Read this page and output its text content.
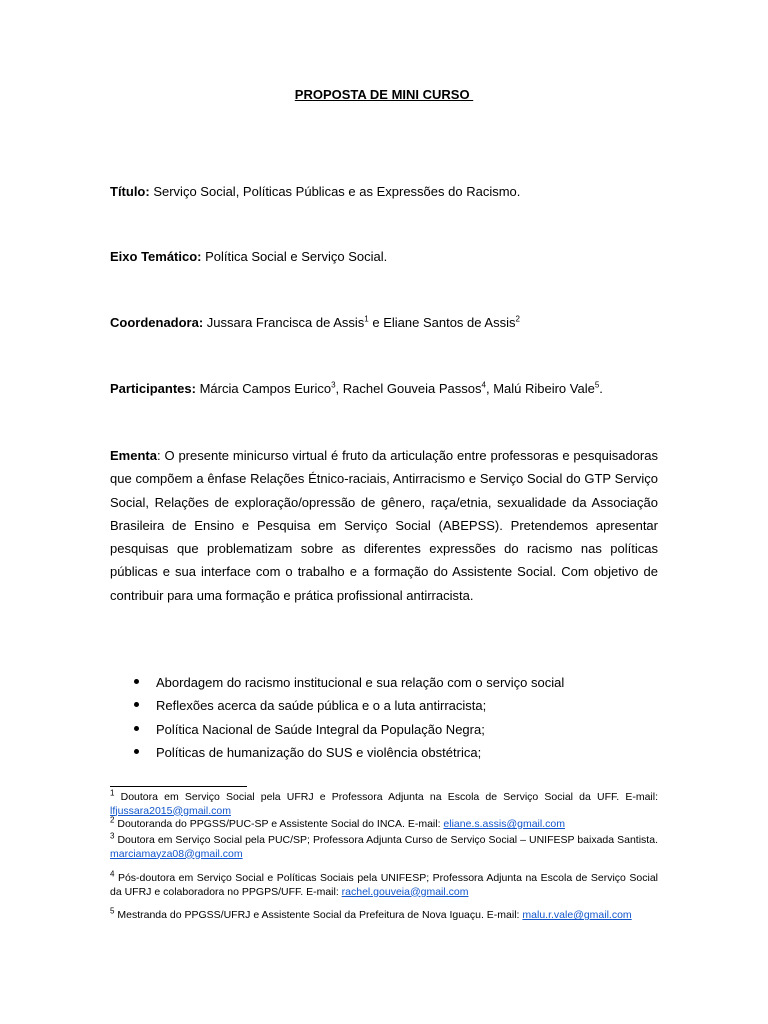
PROPOSTA DE MINI CURSO
Título: Serviço Social, Políticas Públicas e as Expressões do Racismo.
Eixo Temático: Política Social e Serviço Social.
Coordenadora: Jussara Francisca de Assis$^1$ e Eliane Santos de Assis$^2$
Participantes: Márcia Campos Eurico$^3$, Rachel Gouveia Passos$^4$, Malú Ribeiro Vale$^5$.
Ementa: O presente minicurso virtual é fruto da articulação entre professoras e pesquisadoras que compõem a ênfase Relações Étnico-raciais, Antirracismo e Serviço Social do GTP Serviço Social, Relações de exploração/opressão de gênero, raça/etnia, sexualidade da Associação Brasileira de Ensino e Pesquisa em Serviço Social (ABEPSS). Pretendemos apresentar pesquisas que problematizam sobre as diferentes expressões do racismo nas políticas públicas e sua interface com o trabalho e a formação do Assistente Social. Com objetivo de contribuir para uma formação e prática profissional antirracista.
Abordagem do racismo institucional e sua relação com o serviço social
Reflexões acerca da saúde pública e o a luta antirracista;
Política Nacional de Saúde Integral da População Negra;
Políticas de humanização do SUS e violência obstétrica;
$^1$ Doutora em Serviço Social pela UFRJ e Professora Adjunta na Escola de Serviço Social da UFF. E-mail: lfjussara2015@gmail.com
$^2$ Doutoranda do PPGSS/PUC-SP e Assistente Social do INCA. E-mail: eliane.s.assis@gmail.com
$^3$ Doutora em Serviço Social pela PUC/SP; Professora Adjunta Curso de Serviço Social – UNIFESP baixada Santista. marciamayza08@gmail.com
$^4$ Pós-doutora em Serviço Social e Políticas Sociais pela UNIFESP; Professora Adjunta na Escola de Serviço Social da UFRJ e colaboradora no PPGPS/UFF. E-mail: rachel.gouveia@gmail.com
$^5$ Mestranda do PPGSS/UFRJ e Assistente Social da Prefeitura de Nova Iguaçu. E-mail: malu.r.vale@gmail.com
